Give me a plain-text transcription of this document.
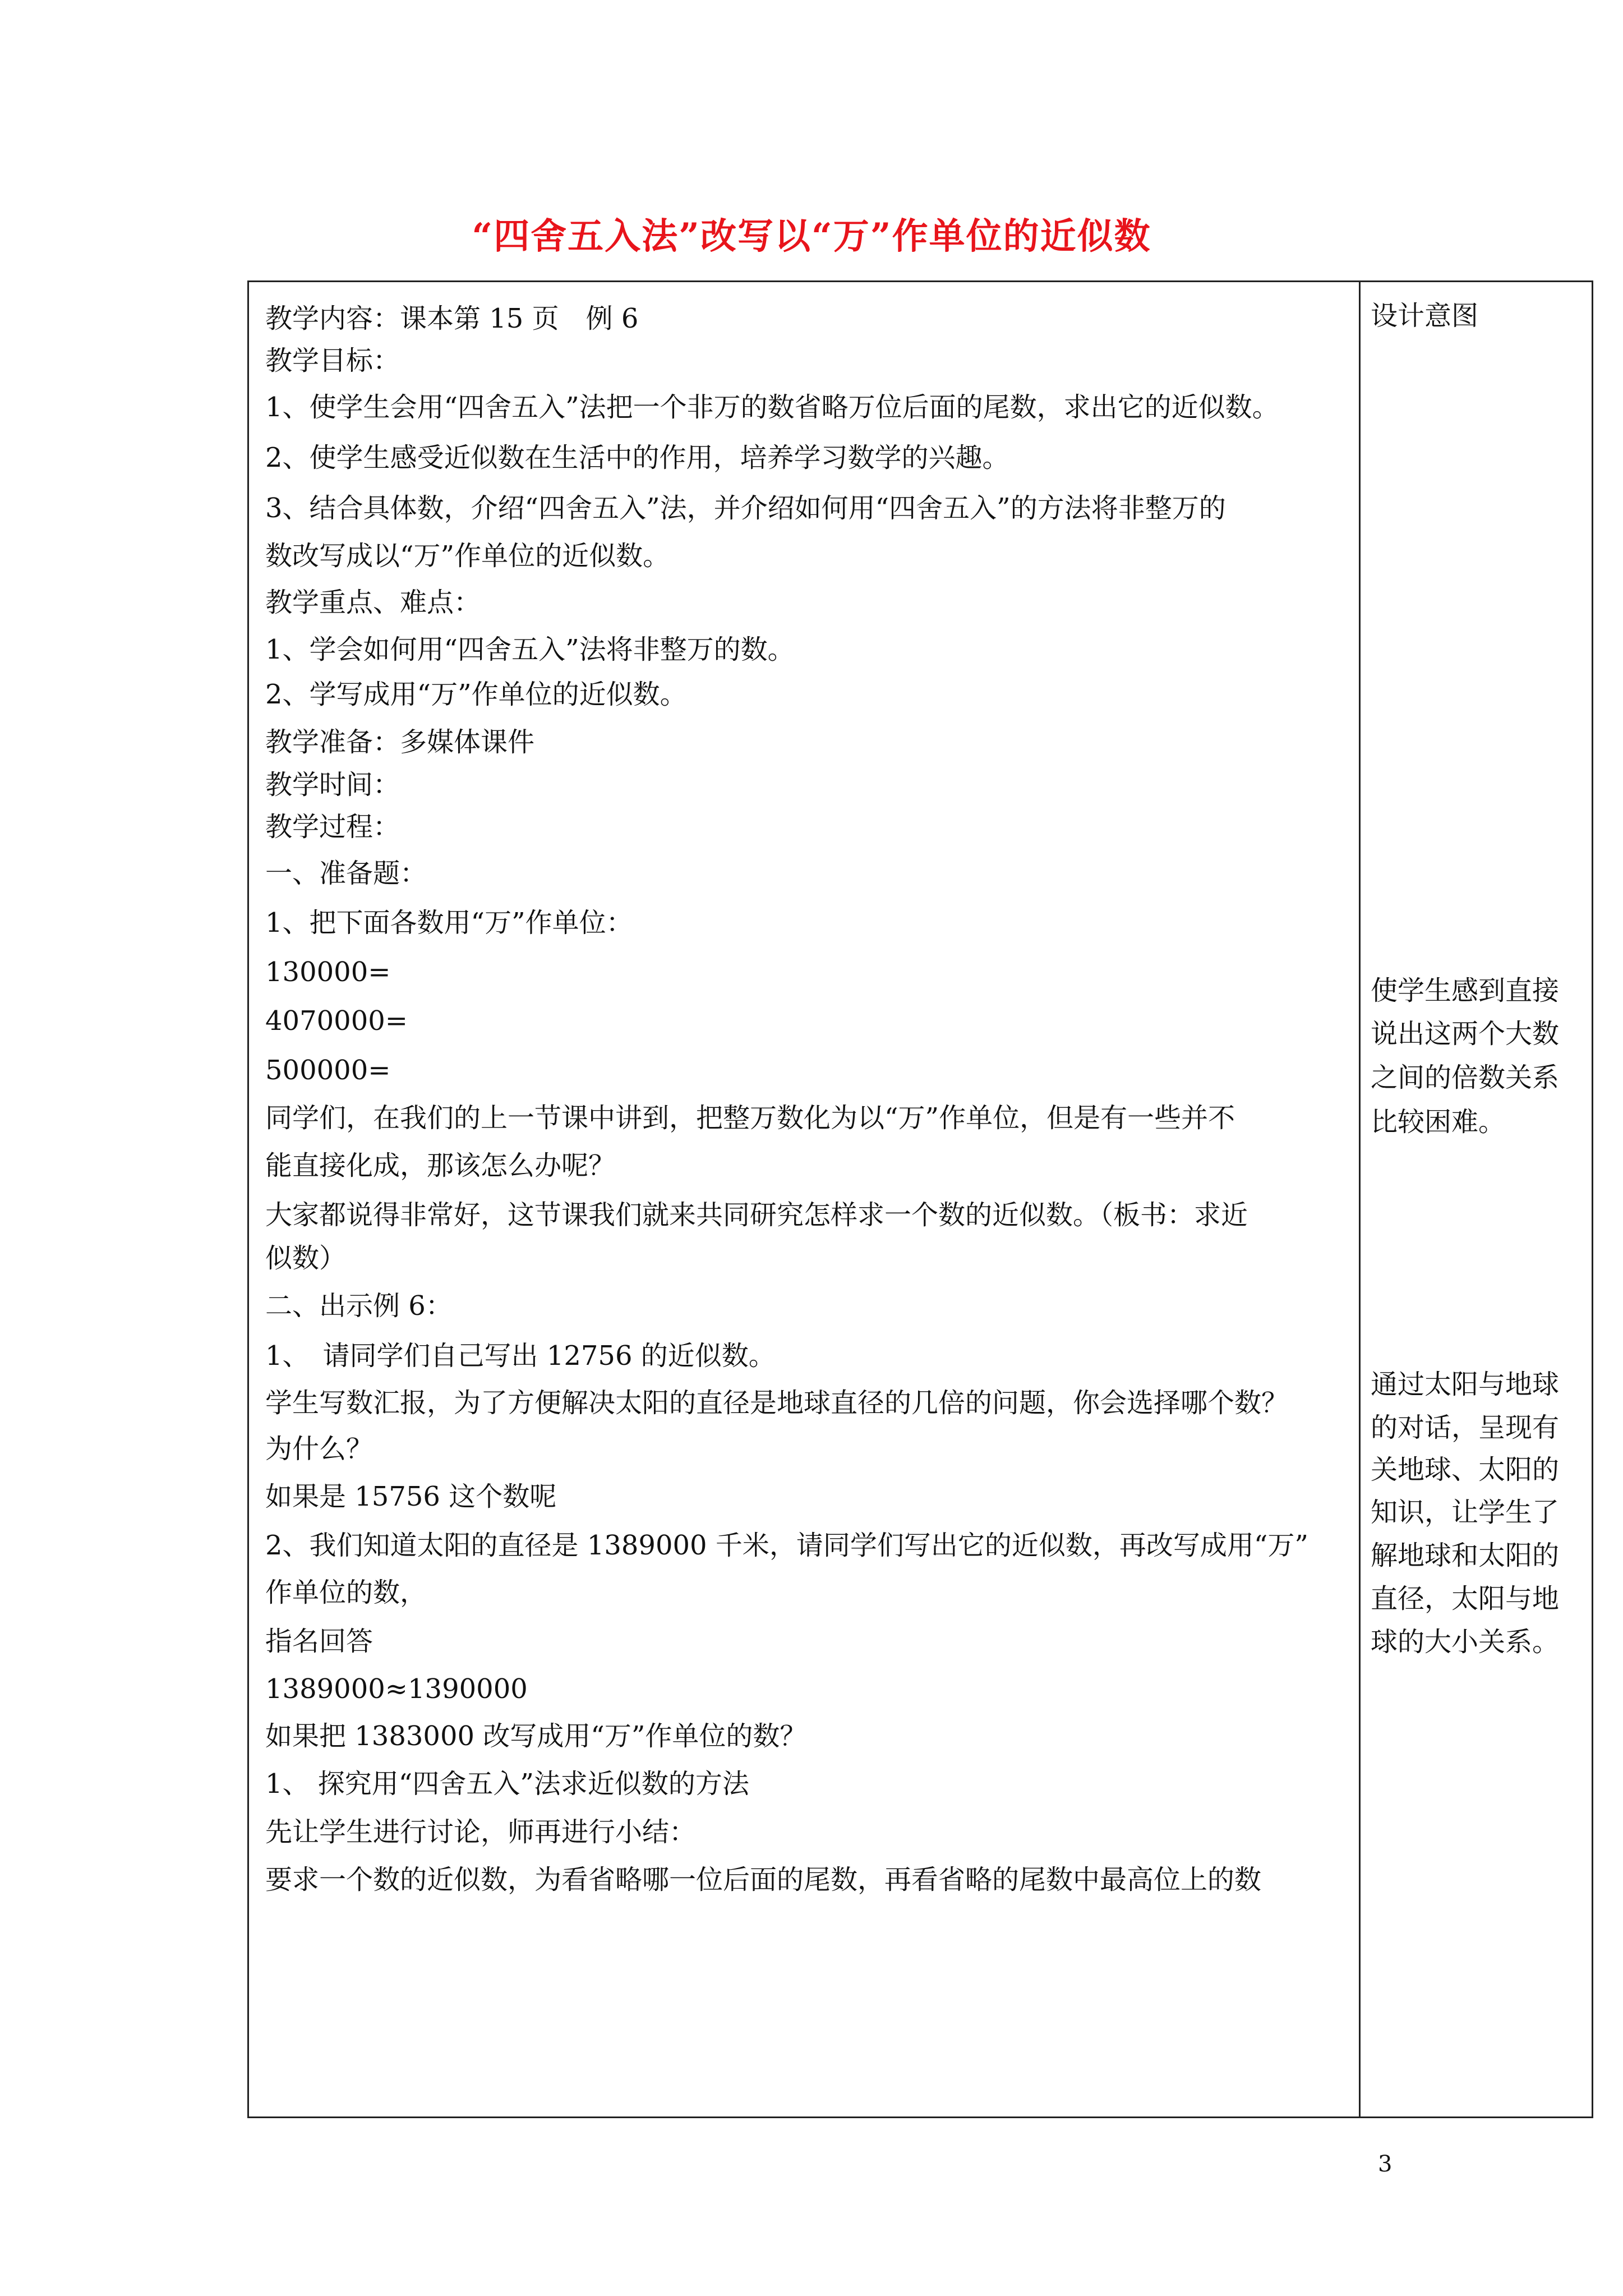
“四舍五入法”改写以“万”作单位的近似数
教学内容：课本第 15 页　例 6
教学目标：
1、使学生会用“四舍五入”法把一个非万的数省略万位后面的尾数，求出它的近似数。
2、使学生感受近似数在生活中的作用，培养学习数学的兴趣。
3、结合具体数，介绍“四舍五入”法，并介绍如何用“四舍五入”的方法将非整万的
数改写成以“万”作单位的近似数。
教学重点、难点：
1、学会如何用“四舍五入”法将非整万的数。
2、学写成用“万”作单位的近似数。
教学准备：多媒体课件
教学时间：
教学过程：
一、准备题：
1、把下面各数用“万”作单位：
130000=
4070000=
500000=
同学们，在我们的上一节课中讲到，把整万数化为以“万”作单位，但是有一些并不
能直接化成，那该怎么办呢？
大家都说得非常好，这节课我们就来共同研究怎样求一个数的近似数。（板书：求近
似数）
二、出示例 6：
1、　请同学们自己写出 12756 的近似数。
学生写数汇报，为了方便解决太阳的直径是地球直径的几倍的问题，你会选择哪个数？
为什么？
如果是 15756 这个数呢
2、我们知道太阳的直径是 1389000 千米，请同学们写出它的近似数，再改写成用“万”
作单位的数，
指名回答
1389000≈1390000
如果把 1383000 改写成用“万”作单位的数？
1、 探究用“四舍五入”法求近似数的方法
先让学生进行讨论，师再进行小结：
要求一个数的近似数，为看省略哪一位后面的尾数，再看省略的尾数中最高位上的数
设计意图
使学生感到直接
说出这两个大数
之间的倍数关系
比较困难。
通过太阳与地球
的对话，呈现有
关地球、太阳的
知识，让学生了
解地球和太阳的
直径，太阳与地
球的大小关系。
3
